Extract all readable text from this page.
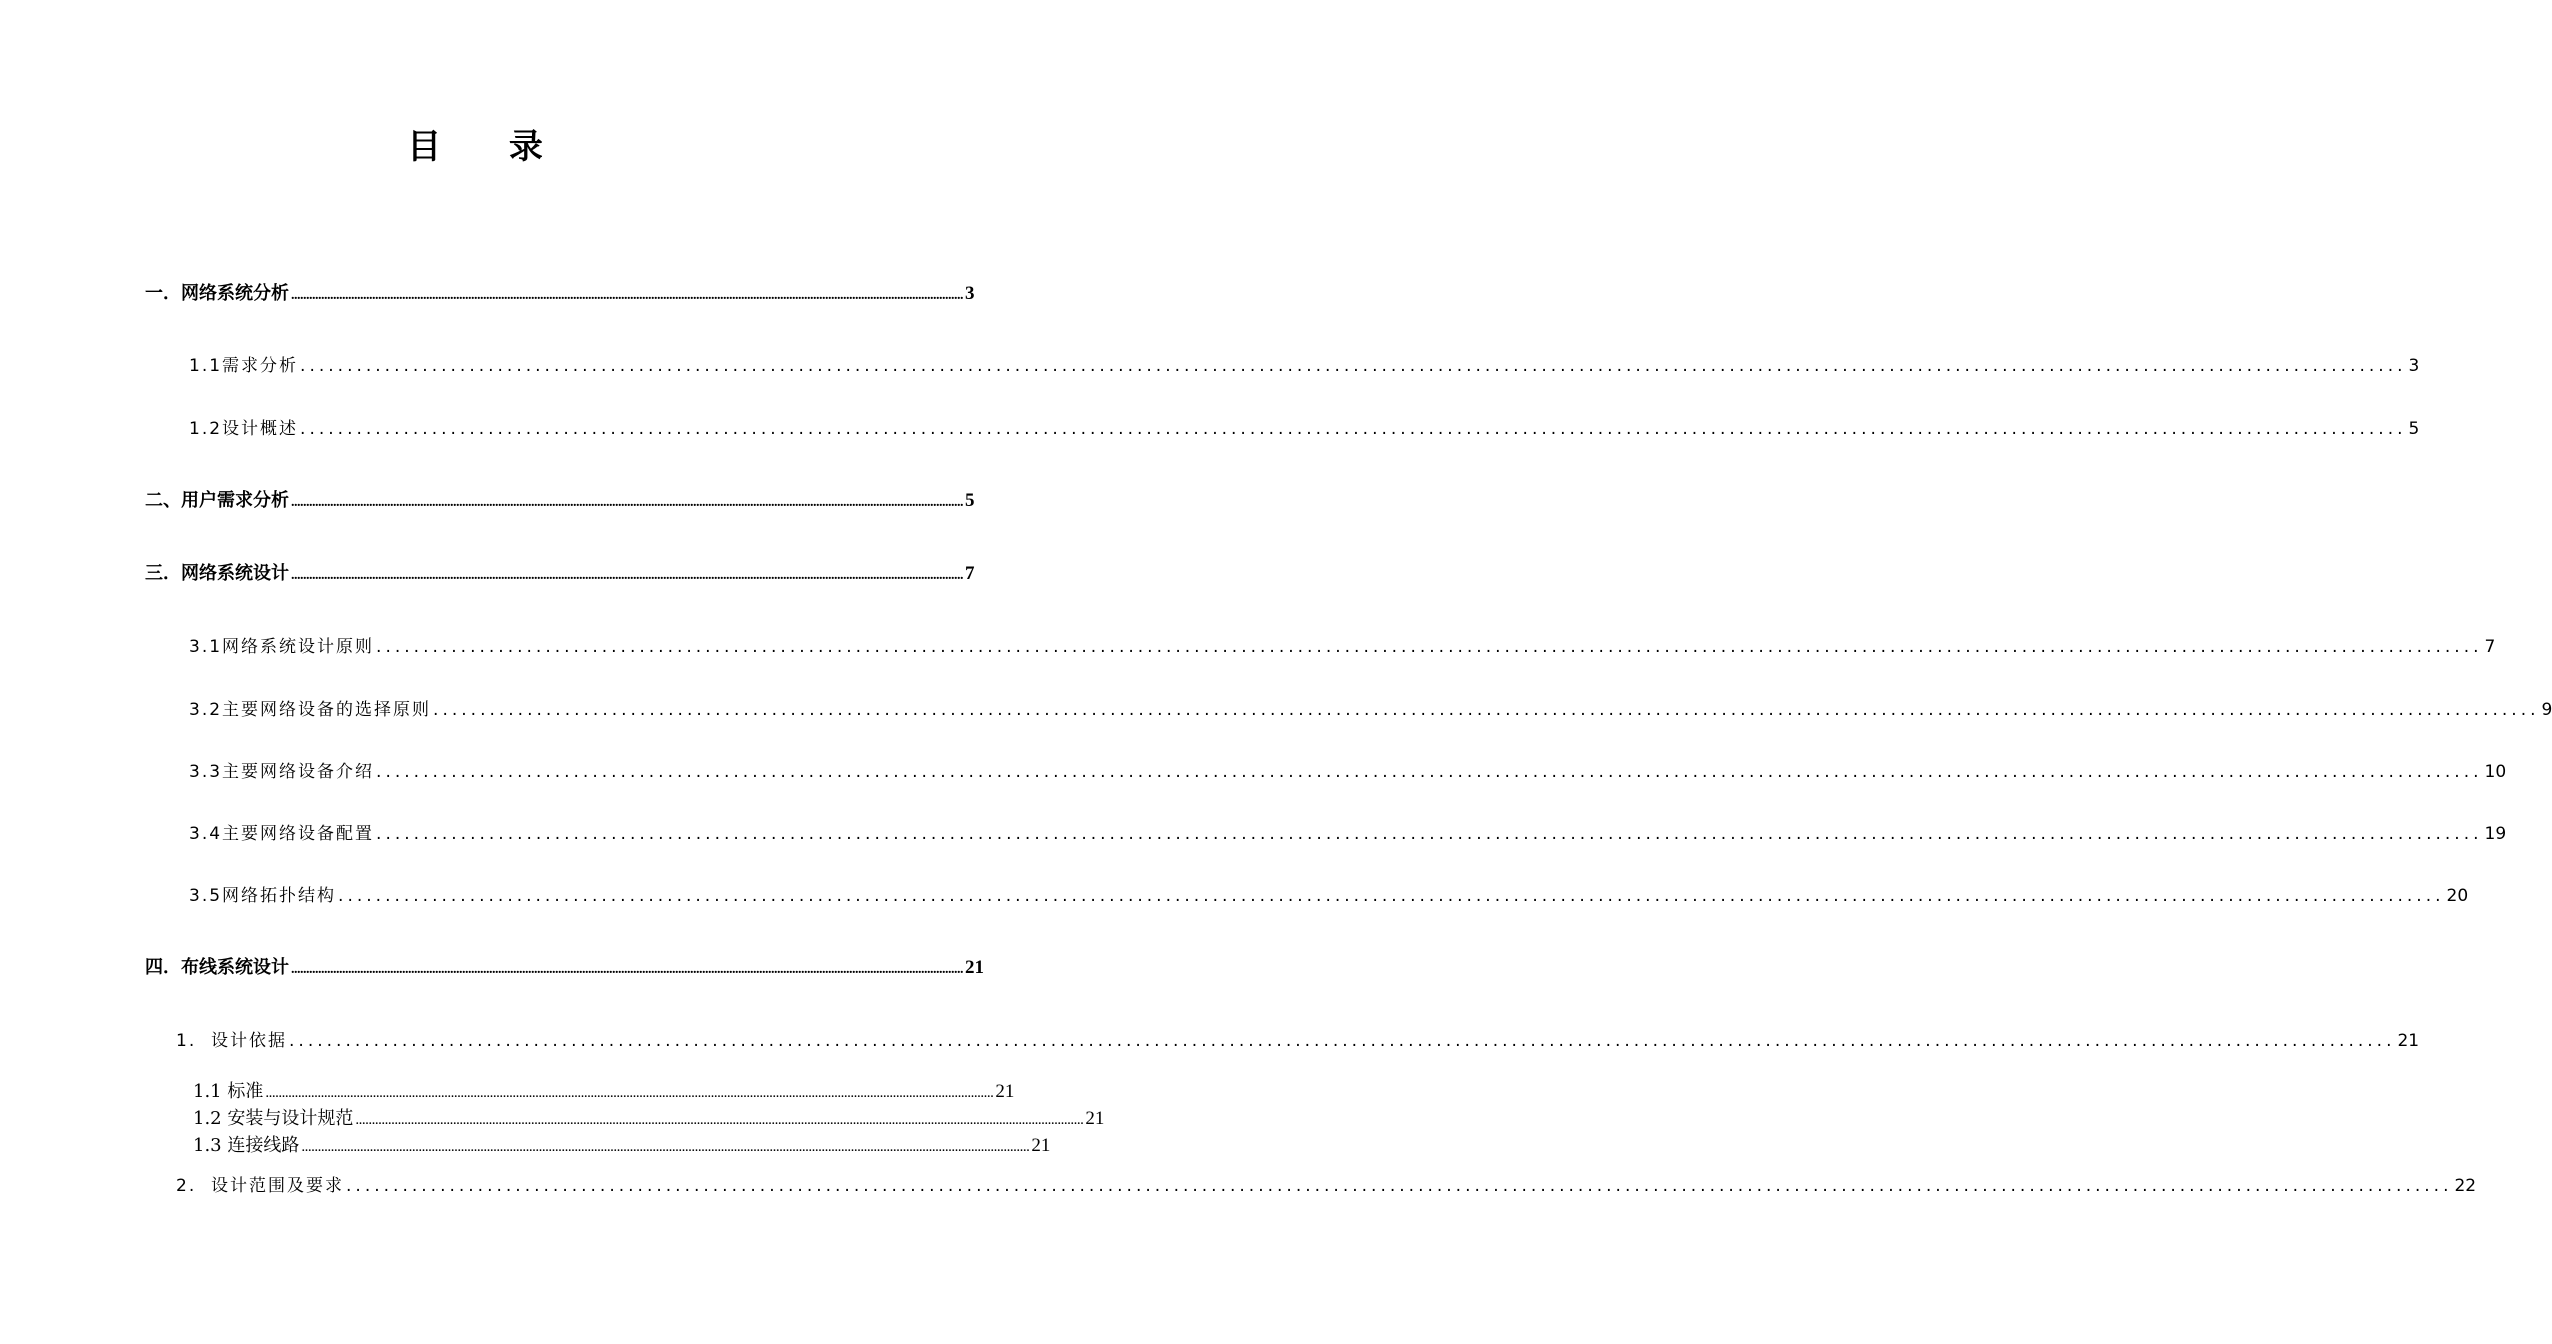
目 录
一．网络系统分析 ................................................................................................................................................................................................................................ 3
1.1需求分析 ................................................................................................................................................................................................................................ 3
1.2设计概述 ................................................................................................................................................................................................................................ 5
二、用户需求分析 ................................................................................................................................................................................................................................ 5
三．网络系统设计 ................................................................................................................................................................................................................................ 7
3.1网络系统设计原则 ................................................................................................................................................................................................................................ 7
3.2主要网络设备的选择原则 ................................................................................................................................................................................................................................ 9
3.3主要网络设备介绍 ................................................................................................................................................................................................................................ 10
3.4主要网络设备配置 ................................................................................................................................................................................................................................ 19
3.5网络拓扑结构 ................................................................................................................................................................................................................................ 20
四．布线系统设计 ................................................................................................................................................................................................................................ 21
1.  设计依据 ................................................................................................................................................................................................................................ 21
1.1 标准 ................................................................................................................................................................................................................................ 21
1.2 安装与设计规范 ................................................................................................................................................................................................................................ 21
1.3 连接线路 ................................................................................................................................................................................................................................ 21
2.  设计范围及要求 ................................................................................................................................................................................................................................ 22
